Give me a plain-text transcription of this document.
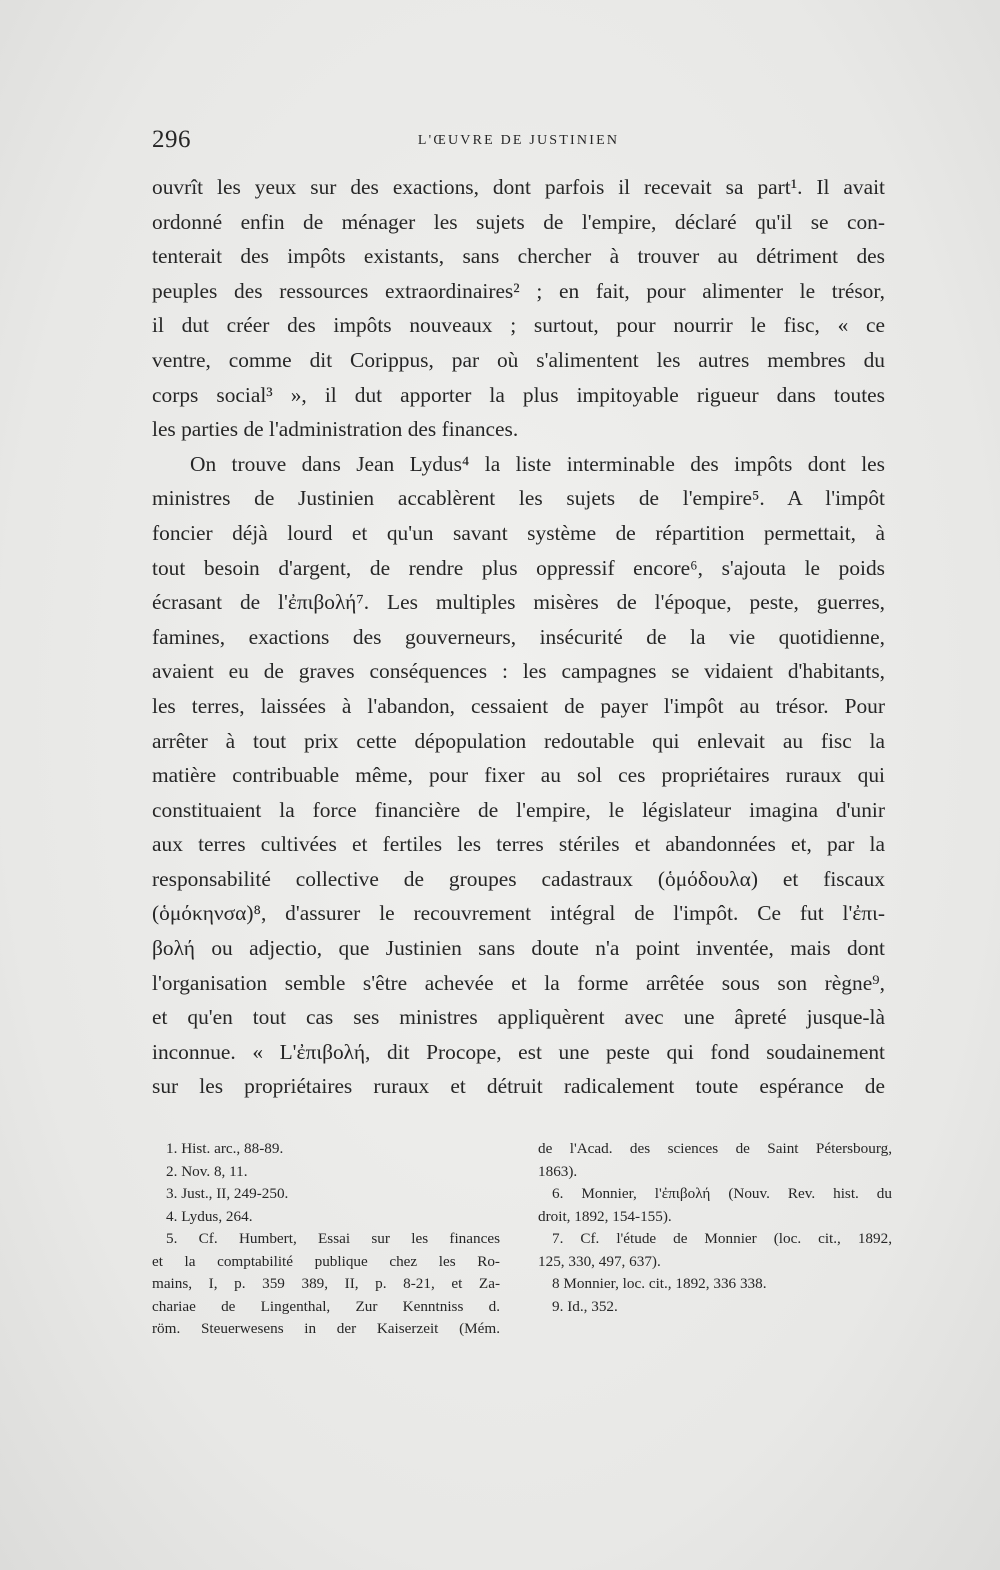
296	L'ŒUVRE DE JUSTINIEN
ouvrît les yeux sur des exactions, dont parfois il recevait sa part¹. Il avait
ordonné enfin de ménager les sujets de l'empire, déclaré qu'il se con-
tenterait des impôts existants, sans chercher à trouver au détriment des
peuples des ressources extraordinaires² ; en fait, pour alimenter le trésor,
il dut créer des impôts nouveaux ; surtout, pour nourrir le fisc, « ce
ventre, comme dit Corippus, par où s'alimentent les autres membres du
corps social³ », il dut apporter la plus impitoyable rigueur dans toutes
les parties de l'administration des finances.
On trouve dans Jean Lydus⁴ la liste interminable des impôts dont les
ministres de Justinien accablèrent les sujets de l'empire⁵. A l'impôt
foncier déjà lourd et qu'un savant système de répartition permettait, à
tout besoin d'argent, de rendre plus oppressif encore⁶, s'ajouta le poids
écrasant de l'ἐπιβολή⁷. Les multiples misères de l'époque, peste, guerres,
famines, exactions des gouverneurs, insécurité de la vie quotidienne,
avaient eu de graves conséquences : les campagnes se vidaient d'habitants,
les terres, laissées à l'abandon, cessaient de payer l'impôt au trésor. Pour
arrêter à tout prix cette dépopulation redoutable qui enlevait au fisc la
matière contribuable même, pour fixer au sol ces propriétaires ruraux qui
constituaient la force financière de l'empire, le législateur imagina d'unir
aux terres cultivées et fertiles les terres stériles et abandonnées et, par la
responsabilité collective de groupes cadastraux (ὁμόδουλα) et fiscaux
(ὁμόκηνσα)⁸, d'assurer le recouvrement intégral de l'impôt. Ce fut l'ἐπι-
βολή ou adjectio, que Justinien sans doute n'a point inventée, mais dont
l'organisation semble s'être achevée et la forme arrêtée sous son règne⁹,
et qu'en tout cas ses ministres appliquèrent avec une âpreté jusque-là
inconnue. « L'ἐπιβολή, dit Procope, est une peste qui fond soudainement
sur les propriétaires ruraux et détruit radicalement toute espérance de
1. Hist. arc., 88-89.
2. Nov. 8, 11.
3. Just., II, 249-250.
4. Lydus, 264.
5. Cf. Humbert, Essai sur les finances
et la comptabilité publique chez les Ro-
mains, I, p. 359 389, II, p. 8-21, et Za-
chariae de Lingenthal, Zur Kenntniss d.
röm. Steuerwesens in der Kaiserzeit (Mém.
de l'Acad. des sciences de Saint Pétersbourg,
1863).
6. Monnier, l'ἐπιβολή (Nouv. Rev. hist. du
droit, 1892, 154-155).
7. Cf. l'étude de Monnier (loc. cit., 1892,
125, 330, 497, 637).
8 Monnier, loc. cit., 1892, 336 338.
9. Id., 352.
